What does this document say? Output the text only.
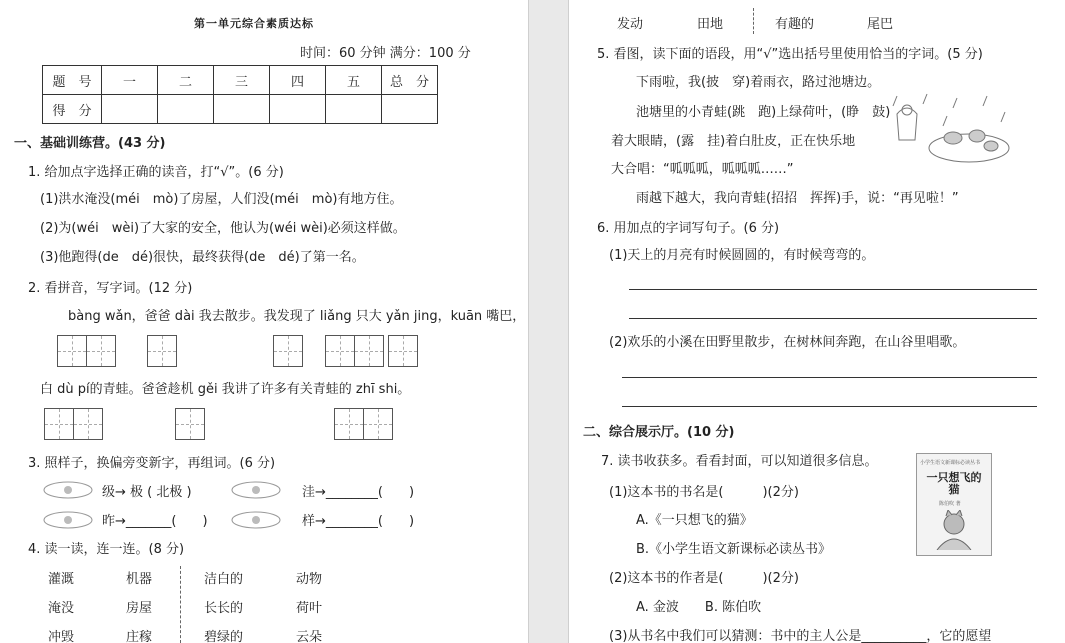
第一单元综合素质达标
时间：60 分钟 满分：100 分
题　号	一	二	三	四	五	总　分
得　分						
一、基础训练营。(43 分)
1. 给加点字选择正确的读音，打“√”。(6 分)
(1)洪水淹没(méi　mò)了房屋，人们没(méi　mò)有地方住。
(2)为(wéi　wèi)了大家的安全，他认为(wéi wèi)必须这样做。
(3)他跑得(de　dé)很快，最终获得(de　dé)了第一名。
2. 看拼音，写字词。(12 分)
bàng wǎn，爸爸 dài 我去散步。我发现了 liǎng 只大 yǎn jing，kuān 嘴巴，
白 dù pí的青蛙。爸爸趁机 gěi 我讲了许多有关青蛙的 zhī shi。
3. 照样子，换偏旁变新字，再组词。(6 分)
级→ 极 ( 北极 )	洼→________(　　)
昨→_______(　　)	样→________(　　)
4. 读一读，连一连。(8 分)
灌溉
淹没
冲毁
机器
房屋
庄稼
洁白的
长长的
碧绿的
动物
荷叶
云朵
发动	田地	有趣的	尾巴
5. 看图，读下面的语段，用“√”选出括号里使用恰当的字词。(5 分)
下雨啦，我(披　穿)着雨衣，路过池塘边。
池塘里的小青蛙(跳　跑)上绿荷叶，(睁　鼓)
着大眼睛，(露　挂)着白肚皮，正在快乐地
大合唱：“呱呱呱，呱呱呱……”
雨越下越大，我向青蛙(招招　挥挥)手，说：“再见啦！”
6. 用加点的字词写句子。(6 分)
(1)天上的月亮有时候圆圆的，有时候弯弯的。
(2)欢乐的小溪在田野里散步，在树林间奔跑，在山谷里唱歌。
二、综合展示厅。(10 分)
7. 读书收获多。看看封面，可以知道很多信息。
(1)这本书的书名是(　　　)(2分)
A.《一只想飞的猫》
B.《小学生语文新课标必读丛书》
(2)这本书的作者是(　　　)(2分)
A. 金波　　B. 陈伯吹
(3)从书名中我们可以猜测：书中的主人公是__________，它的愿望
小学生语文新课标必读丛书
一只想飞的猫
陈伯吹 著
